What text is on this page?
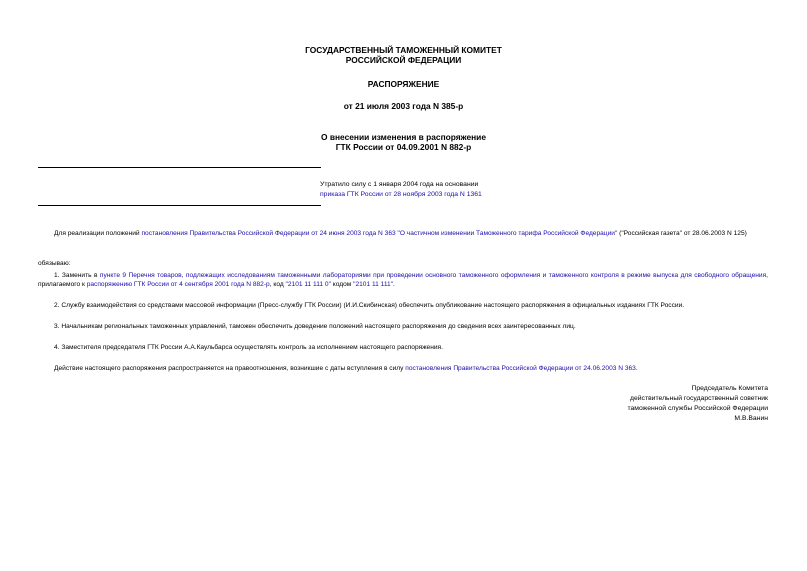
ГОСУДАРСТВЕННЫЙ ТАМОЖЕННЫЙ КОМИТЕТ
РОССИЙСКОЙ ФЕДЕРАЦИИ
РАСПОРЯЖЕНИЕ
от 21 июля 2003 года N 385-р
О внесении изменения в распоряжение
ГТК России от 04.09.2001 N 882-р
Утратило силу с 1 января 2004 года на основании
приказа ГТК России от 28 ноября 2003 года N 1361
Для реализации положений постановления Правительства Российской Федерации от 24 июня 2003 года N 363 "О частичном изменении Таможенного тарифа Российской Федерации" ("Российская газета" от 28.06.2003 N 125)
обязываю:
1. Заменить в пункте 9 Перечня товаров, подлежащих исследованиям таможенными лабораториями при проведении основного таможенного оформления и таможенного контроля в режиме выпуска для свободного обращения, прилагаемого к распоряжению ГТК России от 4 сентября 2001 года N 882-р, код "2101 11 111 0" кодом "2101 11 111".
2. Службу взаимодействия со средствами массовой информации (Пресс-службу ГТК России) (И.И.Скибинская) обеспечить опубликование настоящего распоряжения в официальных изданиях ГТК России.
3. Начальникам региональных таможенных управлений, таможен обеспечить доведение положений настоящего распоряжения до сведения всех заинтересованных лиц.
4. Заместителя председателя ГТК России А.А.Каульбарса осуществлять контроль за исполнением настоящего распоряжения.
Действие настоящего распоряжения распространяется на правоотношения, возникшие с даты вступления в силу постановления Правительства Российской Федерации от 24.06.2003 N 363.
Председатель Комитета
действительный государственный советник
таможенной службы Российской Федерации
М.В.Ванин
